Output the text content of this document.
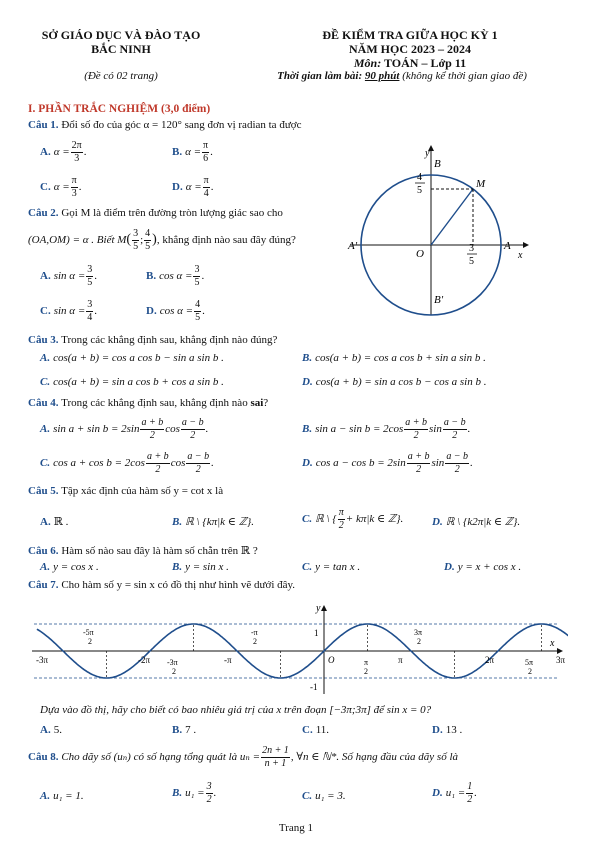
SỞ GIÁO DỤC VÀ ĐÀO TẠO
BẮC NINH
(Đề có 02 trang)
ĐỀ KIỂM TRA GIỮA HỌC KỲ 1
NĂM HỌC 2023 – 2024
Môn: TOÁN – Lớp 11
Thời gian làm bài: 90 phút (không kể thời gian giao đề)
I. PHẦN TRẮC NGHIỆM (3,0 điểm)
Câu 1. Đổi số đo của góc α = 120° sang đơn vị radian ta được
A. $\alpha = \frac{2\pi}{3}$ .	B. $\alpha = \frac{\pi}{6}$ .
C. $\alpha = \frac{\pi}{3}$ .	D. $\alpha = \frac{\pi}{4}$ .
B
y
M
A′
O
A
x
B′
4
5
3
5
Câu 2. Gọi M là điểm trên đường tròn lượng giác sao cho
(OA,OM) = α . Biết $M( \frac{3}{5}$ ; $\frac{4}{5}$ ), khẳng định nào sau đây đúng?
A. $\sin \alpha = \frac{3}{5}$ .	B. $\cos \alpha = \frac{3}{5}$ .
C. $\sin \alpha = \frac{3}{4}$ .	D. $\cos \alpha = \frac{4}{5}$ .
Câu 3. Trong các khẳng định sau, khẳng định nào đúng?
A. cos(a + b) = cos a cos b − sin a sin b .	B. cos(a + b) = cos a cos b + sin a sin b .
C. cos(a + b) = sin a cos b + cos a sin b .	D. cos(a + b) = sin a cos b − cos a sin b .
Câu 4. Trong các khẳng định sau, khẳng định nào sai?
A. $\sin a + \sin b = 2\sin \frac{a + b}{2}$ $\cos \frac{a - b}{2}$ .	B. $\sin a - \sin b = 2\cos \frac{a + b}{2}$ $\sin \frac{a - b}{2}$ .
C. $\cos a + \cos b = 2\cos \frac{a + b}{2}$ $\cos \frac{a - b}{2}$ .	D. $\cos a - \cos b = 2\sin \frac{a + b}{2}$ $\sin \frac{a - b}{2}$ .
Câu 5. Tập xác định của hàm số y = cot x là
A. ℝ .	B. ℝ \ {kπ|k ∈ ℤ}.	C. ℝ \ { $\frac{\pi}{2} + k\pi|k$ ∈ ℤ}.	D. ℝ \ {k2π|k ∈ ℤ}.
Câu 6. Hàm số nào sau đây là hàm số chẵn trên ℝ ?
A. y = cos x .	B. y = sin x .	C. y = tan x .	D. y = x + cos x .
Câu 7. Cho hàm số y = sin x có đồ thị như hình vẽ dưới đây.
y
x
1
-1
O
-3π	-2π	-π	π	2π	3π
-5π
2
-3π
2
-π
2
π
2
3π
2
5π
2
Dựa vào đồ thị, hãy cho biết có bao nhiêu giá trị của x trên đoạn [−3π;3π] để sin x = 0?
A. 5.	B. 7 .	C. 11.	D. 13 .
Câu 8. Cho dãy số (uₙ) có số hạng tổng quát là $u_n = \frac{2n + 1}{n + 1}$ , ∀n ∈ ℕ*. Số hạng đầu của dãy số là
A. u₁ = 1.	B. $u_1 = \frac{3}{2}$ .	C. u₁ = 3.	D. $u_1 = \frac{1}{2}$ .
Trang 1
